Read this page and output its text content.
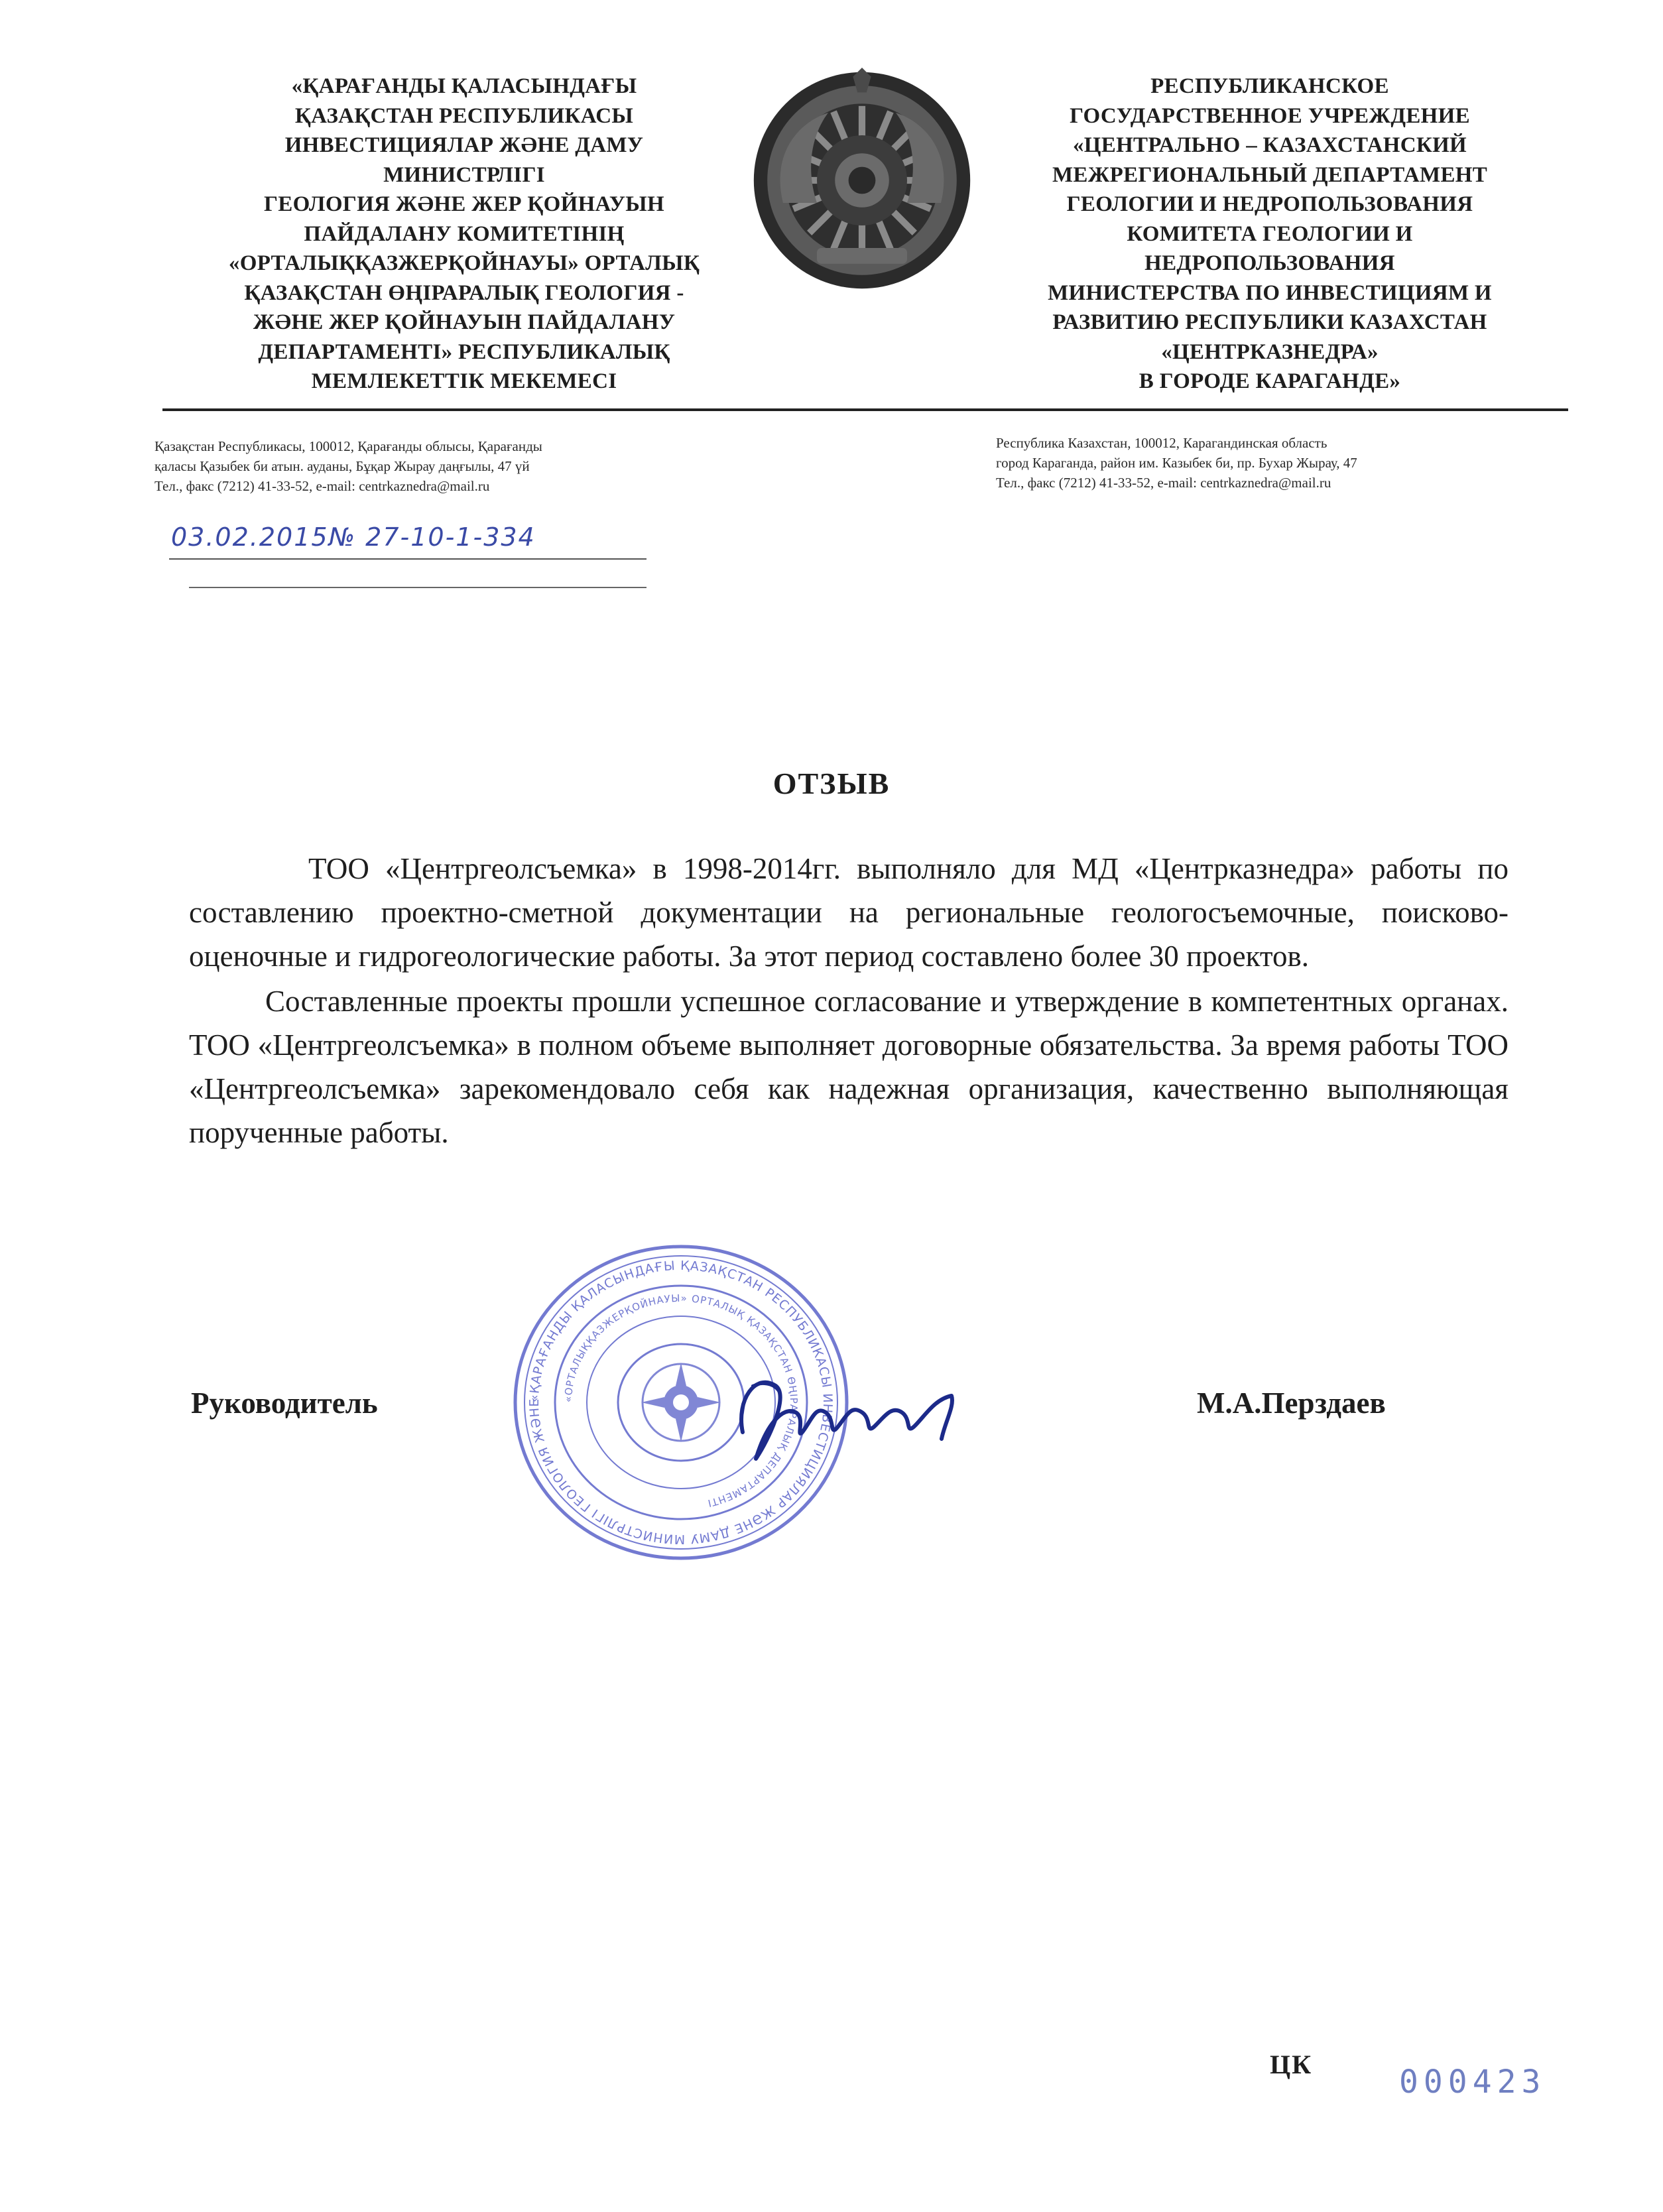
«ҚАРАҒАНДЫ ҚАЛАСЫНДАҒЫ
ҚАЗАҚСТАН РЕСПУБЛИКАСЫ
ИНВЕСТИЦИЯЛАР ЖӘНЕ ДАМУ
МИНИСТРЛІГІ
ГЕОЛОГИЯ ЖӘНЕ ЖЕР ҚОЙНАУЫН
ПАЙДАЛАНУ КОМИТЕТІНІҢ
«ОРТАЛЫҚҚАЗЖЕРҚОЙНАУЫ» ОРТАЛЫҚ
ҚАЗАҚСТАН ӨҢІРАРАЛЫҚ ГЕОЛОГИЯ -
ЖӘНЕ ЖЕР ҚОЙНАУЫН ПАЙДАЛАНУ
ДЕПАРТАМЕНТІ» РЕСПУБЛИКАЛЫҚ
МЕМЛЕКЕТТІК МЕКЕМЕСІ
РЕСПУБЛИКАНСКОЕ
ГОСУДАРСТВЕННОЕ УЧРЕЖДЕНИЕ
«ЦЕНТРАЛЬНО – КАЗАХСТАНСКИЙ
МЕЖРЕГИОНАЛЬНЫЙ ДЕПАРТАМЕНТ
ГЕОЛОГИИ И НЕДРОПОЛЬЗОВАНИЯ
КОМИТЕТА ГЕОЛОГИИ И
НЕДРОПОЛЬЗОВАНИЯ
МИНИСТЕРСТВА ПО ИНВЕСТИЦИЯМ И
РАЗВИТИЮ РЕСПУБЛИКИ КАЗАХСТАН
«ЦЕНТРКАЗНЕДРА»
В ГОРОДЕ КАРАГАНДЕ»
Қазақстан Республикасы, 100012, Қарағанды облысы, Қарағанды
қаласы Қазыбек би атын. ауданы, Бұқар Жырау даңғылы, 47 үй
Тел., факс (7212) 41-33-52, e-mail: centrkaznedra@mail.ru
Республика Казахстан, 100012, Карагандинская область
город Караганда, район им. Казыбек би, пр. Бухар Жырау, 47
Тел., факс (7212) 41-33-52, e-mail: centrkaznedra@mail.ru
03.02.2015№ 27-10-1-334
ОТЗЫВ

ТОО «Центргеолсъемка» в 1998-2014гг. выполняло для МД «Центрказнедра» работы по составлению проектно-сметной документации на региональные геологосъемочные, поисково-оценочные и гидрогеологические работы. За этот период составлено более 30 проектов.

Составленные проекты прошли успешное согласование и утверждение в компетентных органах. ТОО «Центргеолсъемка» в полном объеме выполняет договорные обязательства. За время работы ТОО «Центргеолсъемка» зарекомендовало себя как надежная организация, качественно выполняющая порученные работы.

«ҚАРАҒАНДЫ ҚАЛАСЫНДАҒЫ ҚАЗАҚСТАН РЕСПУБЛИКАСЫ ИНВЕСТИЦИЯЛАР ЖӘНЕ ДАМУ МИНИСТРЛІГІ ГЕОЛОГИЯ ЖӘНЕ	«ОРТАЛЫҚҚАЗЖЕРҚОЙНАУЫ» ОРТАЛЫҚ ҚАЗАҚСТАН ӨҢІРАРАЛЫҚ ДЕПАРТАМЕНТІ
Руководитель	М.А.Перздаев
ЦК	000423
